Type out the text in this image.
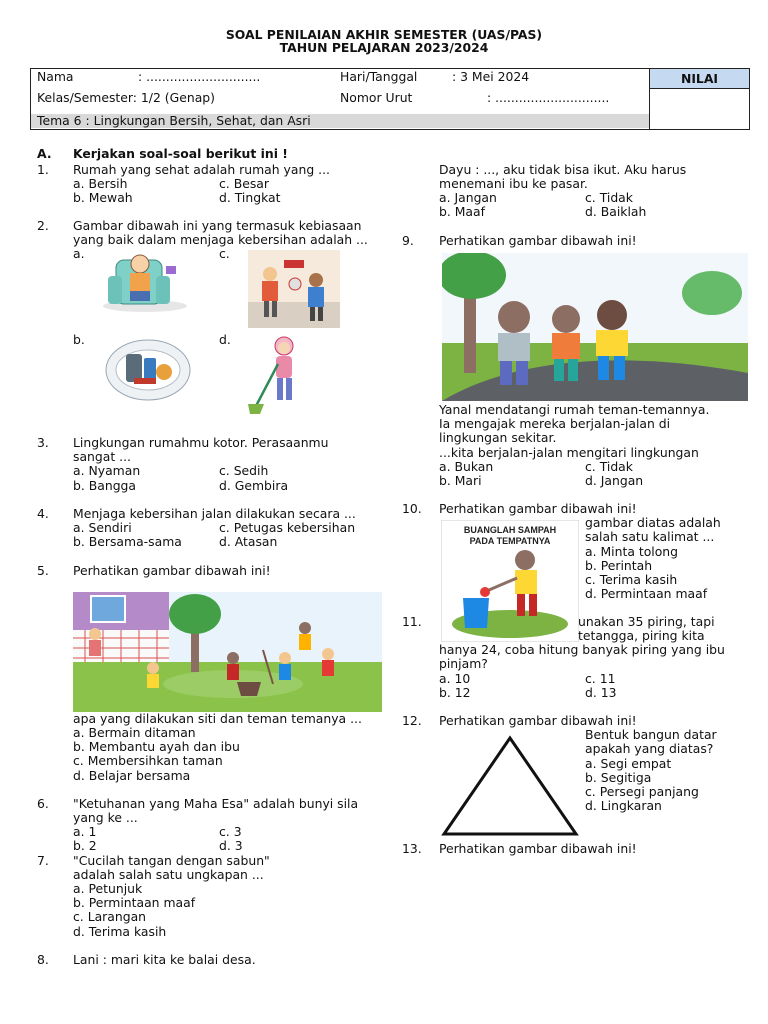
SOAL PENILAIAN AKHIR SEMESTER (UAS/PAS)
TAHUN PELAJARAN 2023/2024
NILAI
Nama	: .............................	Hari/Tanggal	: 3 Mei 2024
Kelas/Semester: 1/2 (Genap)	Nomor Urut	: .............................
Tema 6 : Lingkungan Bersih, Sehat, dan Asri
A. Kerjakan soal-soal berikut ini !
1. Rumah yang sehat adalah rumah yang ...
a. Bersih	c. Besar
b. Mewah	d. Tingkat
2. Gambar dibawah ini yang termasuk kebiasaan
yang baik dalam menjaga kebersihan adalah ...
a.	c.
b.	d.
3. Lingkungan rumahmu kotor. Perasaanmu
sangat ...
a. Nyaman	c. Sedih
b. Bangga	d. Gembira
4. Menjaga kebersihan jalan dilakukan secara ...
a. Sendiri	c. Petugas kebersihan
b. Bersama-sama	d. Atasan
5. Perhatikan gambar dibawah ini!
apa yang dilakukan siti dan teman temanya ...
a. Bermain ditaman
b. Membantu ayah dan ibu
c. Membersihkan taman
d. Belajar bersama
6. "Ketuhanan yang Maha Esa" adalah bunyi sila
yang ke ...
a. 1	c. 3
b. 2	d. 3
7. "Cucilah tangan dengan sabun"
adalah salah satu ungkapan ...
a. Petunjuk
b. Permintaan maaf
c. Larangan
d. Terima kasih
8. Lani : mari kita ke balai desa.
Dayu : ..., aku tidak bisa ikut. Aku harus
menemani ibu ke pasar.
a. Jangan	c. Tidak
b. Maaf	d. Baiklah
9. Perhatikan gambar dibawah ini!
Yanal mendatangi rumah teman-temannya.
Ia mengajak mereka berjalan-jalan di
lingkungan sekitar.
...kita berjalan-jalan mengitari lingkungan
a. Bukan	c. Tidak
b. Mari	d. Jangan
10. Perhatikan gambar dibawah ini!
BUANGLAH SAMPAH
PADA TEMPATNYA
gambar diatas adalah
salah satu kalimat ...
a. Minta tolong
b. Perintah
c. Terima kasih
d. Permintaan maaf
11.	unakan 35 piring, tapi
tetangga, piring kita
hanya 24, coba hitung banyak piring yang ibu
pinjam?
a. 10	c. 11
b. 12	d. 13
12. Perhatikan gambar dibawah ini!
Bentuk bangun datar
apakah yang diatas?
a. Segi empat
b. Segitiga
c. Persegi panjang
d. Lingkaran
13. Perhatikan gambar dibawah ini!
